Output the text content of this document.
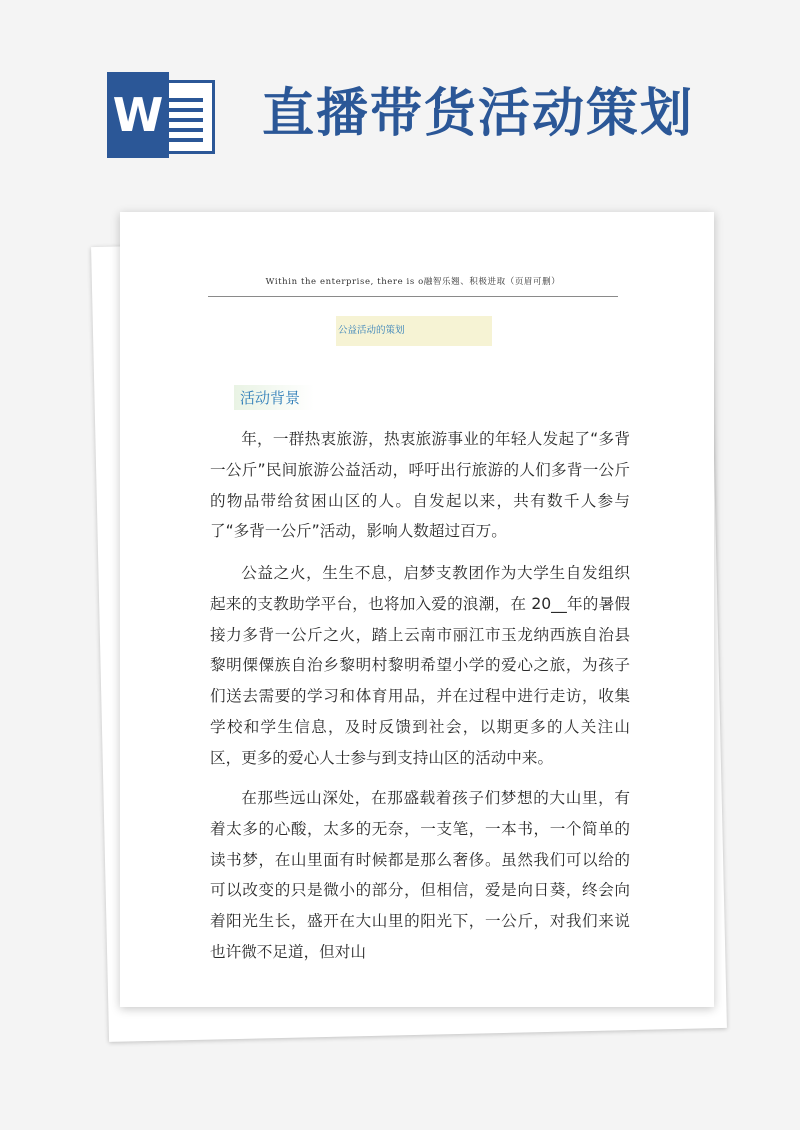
W 直播带货活动策划
Within the enterprise, there is o融智乐翘、积极进取（页眉可删）
公益活动的策划
活动背景

年，一群热衷旅游，热衷旅游事业的年轻人发起了“多背一公斤”民间旅游公益活动，呼吁出行旅游的人们多背一公斤的物品带给贫困山区的人。自发起以来，共有数千人参与了“多背一公斤”活动，影响人数超过百万。

公益之火，生生不息，启梦支教团作为大学生自发组织起来的支教助学平台，也将加入爱的浪潮，在 20__年的暑假接力多背一公斤之火，踏上云南市丽江市玉龙纳西族自治县黎明傈僳族自治乡黎明村黎明希望小学的爱心之旅，为孩子们送去需要的学习和体育用品，并在过程中进行走访，收集学校和学生信息，及时反馈到社会，以期更多的人关注山区，更多的爱心人士参与到支持山区的活动中来。

在那些远山深处，在那盛载着孩子们梦想的大山里，有着太多的心酸，太多的无奈，一支笔，一本书，一个简单的读书梦，在山里面有时候都是那么奢侈。虽然我们可以给的可以改变的只是微小的部分，但相信，爱是向日葵，终会向着阳光生长，盛开在大山里的阳光下，一公斤，对我们来说也许微不足道，但对山
